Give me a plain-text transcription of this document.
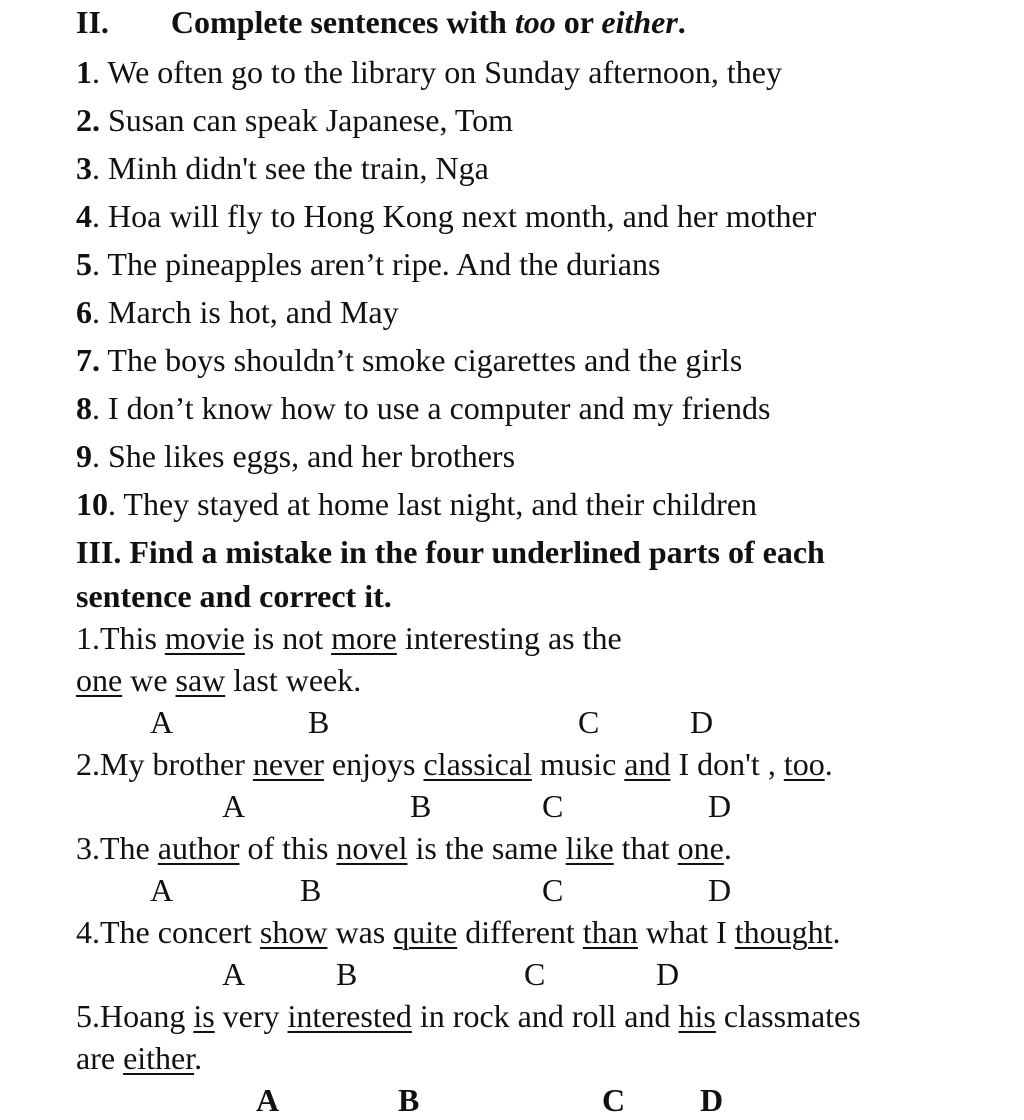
II. Complete sentences with too or either.
1. We often go to the library on Sunday afternoon, they
2. Susan can speak Japanese, Tom
3. Minh didn't see the train, Nga
4. Hoa will fly to Hong Kong next month, and her mother
5. The pineapples aren’t ripe. And the durians
6. March is hot, and May
7. The boys shouldn’t smoke cigarettes and the girls
8. I don’t know how to use a computer and my friends
9. She likes eggs, and her brothers
10. They stayed at home last night, and their children
III. Find a mistake in the four underlined parts of each
sentence and correct it.
1.This movie is not more interesting as the
one we saw last week.
A	B	C	D
2.My brother never enjoys classical music and I don't , too.
A	B	C	D
3.The author of this novel is the same like that one.
A	B	C	D
4.The concert show was quite different than what I thought.
A	B	C	D
5.Hoang is very interested in rock and roll and his classmates
are either.
A	B	C D
